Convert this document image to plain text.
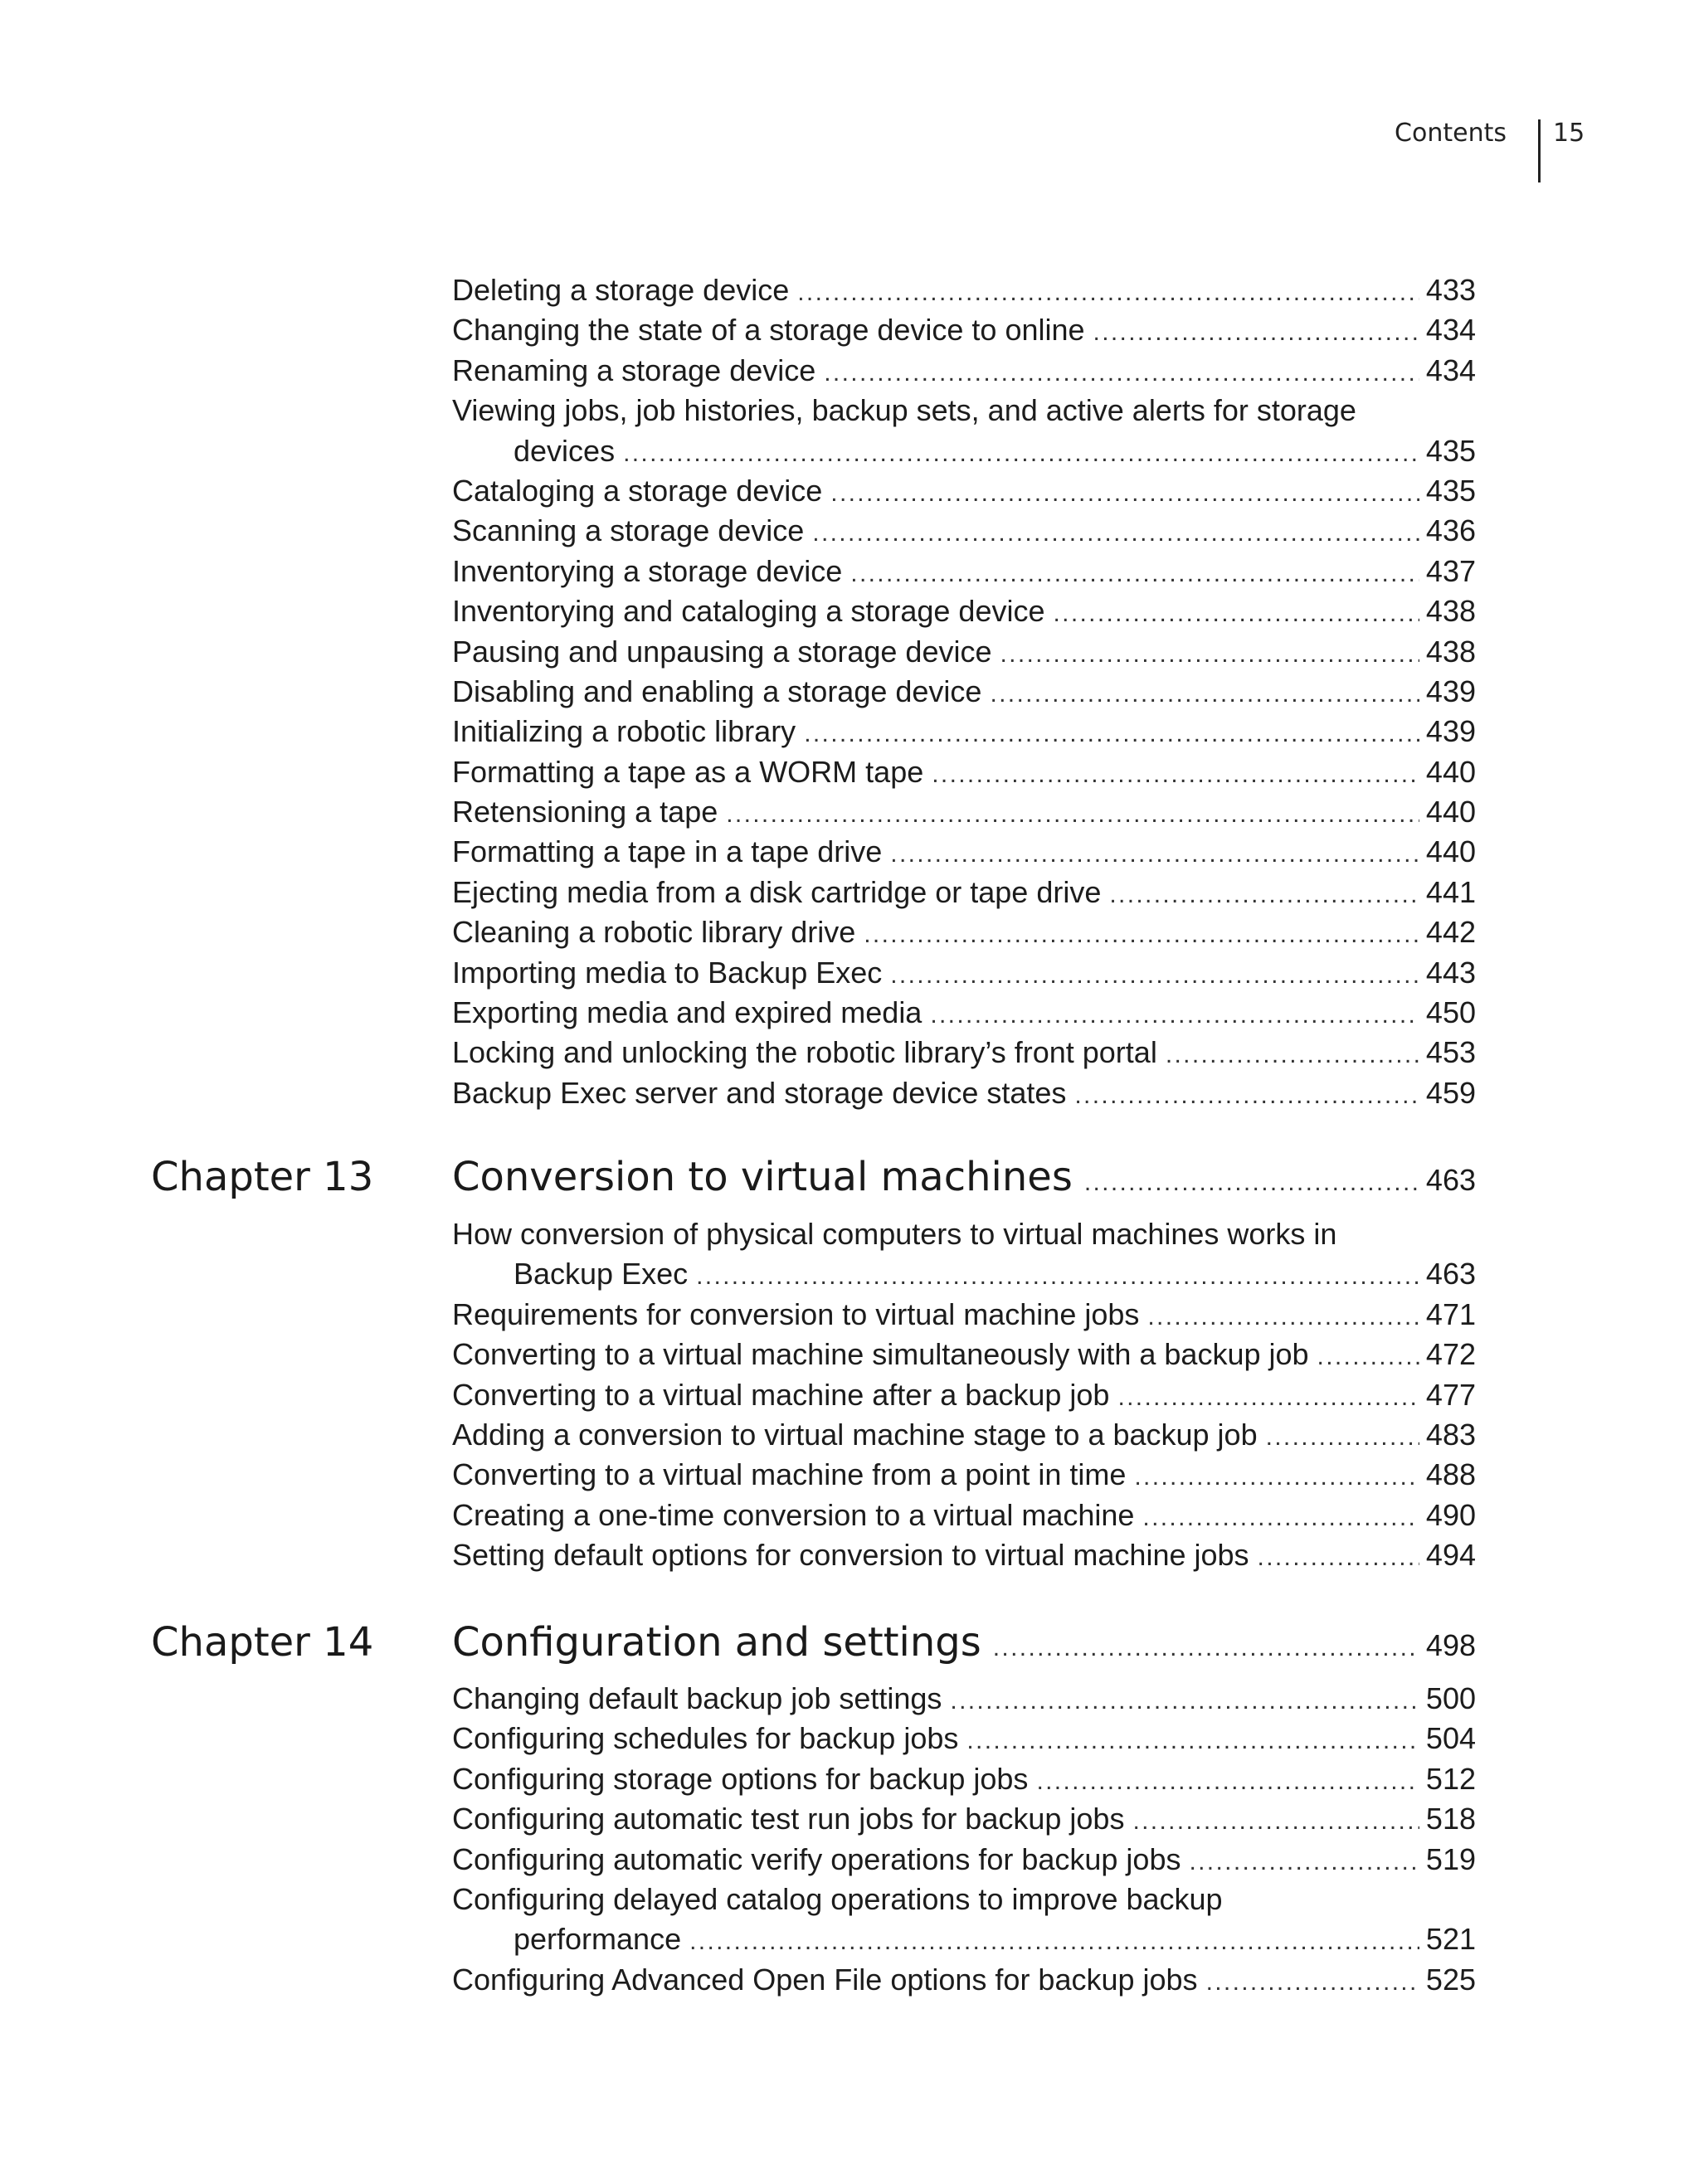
Contents 15
Deleting a storage device . . .	433
Changing the state of a storage device to online . . .	434
Renaming a storage device . . .	434
Viewing jobs, job histories, backup sets, and active alerts for storage
devices . . .	435
Cataloging a storage device . . .	435
Scanning a storage device . . .	436
Inventorying a storage device . . .	437
Inventorying and cataloging a storage device . . .	438
Pausing and unpausing a storage device . . .	438
Disabling and enabling a storage device . . .	439
Initializing a robotic library . . .	439
Formatting a tape as a WORM tape . . .	440
Retensioning a tape . . .	440
Formatting a tape in a tape drive . . .	440
Ejecting media from a disk cartridge or tape drive . . .	441
Cleaning a robotic library drive . . .	442
Importing media to Backup Exec . . .	443
Exporting media and expired media . . .	450
Locking and unlocking the robotic library’s front portal . . .	453
Backup Exec server and storage device states . . .	459
Chapter 13 Conversion to virtual machines . . .	463
How conversion of physical computers to virtual machines works in
Backup Exec . . .	463
Requirements for conversion to virtual machine jobs . . .	471
Converting to a virtual machine simultaneously with a backup job . . .	472
Converting to a virtual machine after a backup job . . .	477
Adding a conversion to virtual machine stage to a backup job . . .	483
Converting to a virtual machine from a point in time . . .	488
Creating a one-time conversion to a virtual machine . . .	490
Setting default options for conversion to virtual machine jobs . . .	494
Chapter 14 Configuration and settings . . .	498
Changing default backup job settings . . .	500
Configuring schedules for backup jobs . . .	504
Configuring storage options for backup jobs . . .	512
Configuring automatic test run jobs for backup jobs . . .	518
Configuring automatic verify operations for backup jobs . . .	519
Configuring delayed catalog operations to improve backup
performance . . .	521
Configuring Advanced Open File options for backup jobs . . .	525
